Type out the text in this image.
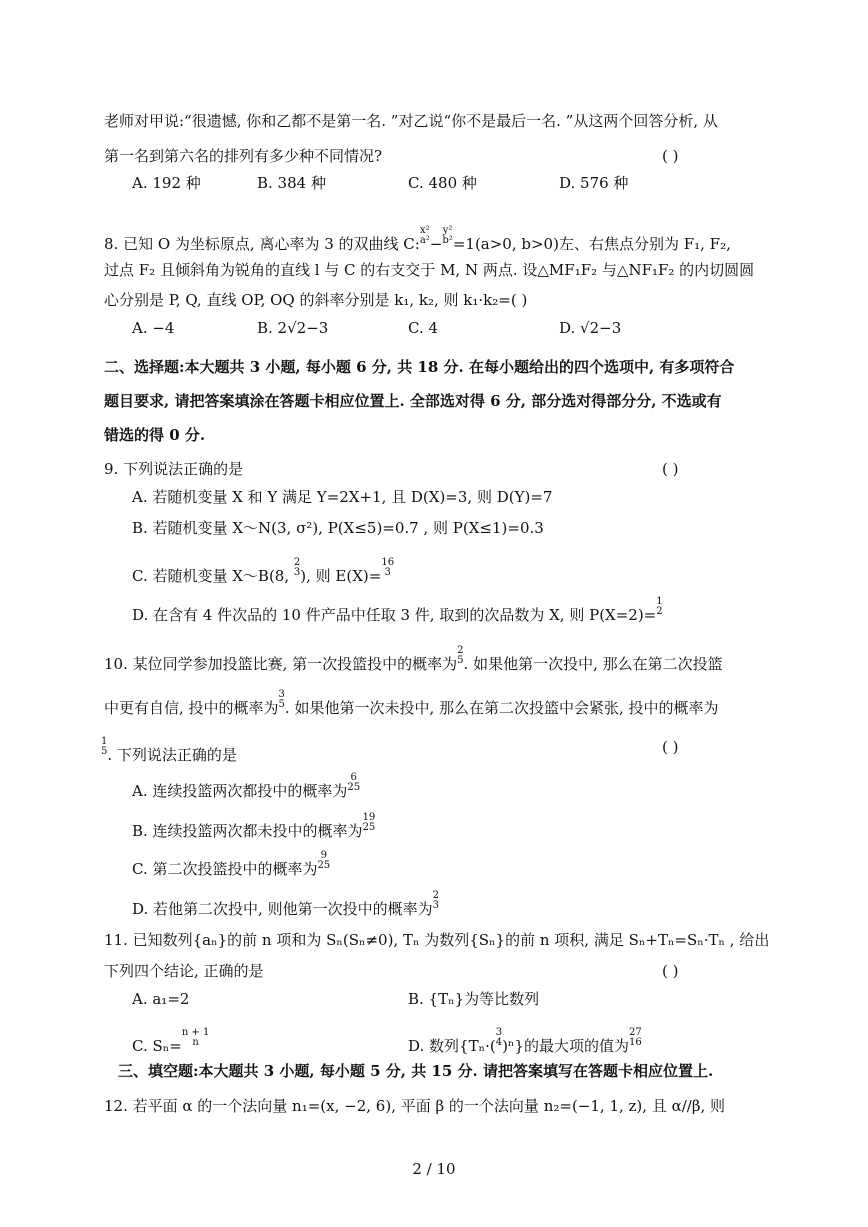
老师对甲说:“很遗憾, 你和乙都不是第一名. ”对乙说“你不是最后一名. ”从这两个回答分析, 从
第一名到第六名的排列有多少种不同情况?	( )
A. 192 种	B. 384 种	C. 480 种	D. 576 种
8. 已知 O 为坐标原点, 离心率为 3 的双曲线 C:
x²
a² −
y²
b² =1(a>0, b>0)左、右焦点分别为 F₁, F₂,
过点 F₂ 且倾斜角为锐角的直线 l 与 C 的右支交于 M, N 两点. 设△MF₁F₂ 与△NF₁F₂ 的内切圆圆
心分别是 P, Q, 直线 OP, OQ 的斜率分别是 k₁, k₂, 则 k₁·k₂=( )
A. −4	B. 2√2−3	C. 4	D. √2−3
二、选择题:本大题共 3 小题, 每小题 6 分, 共 18 分. 在每小题给出的四个选项中, 有多项符合
题目要求, 请把答案填涂在答题卡相应位置上. 全部选对得 6 分, 部分选对得部分分, 不选或有
错选的得 0 分.
9. 下列说法正确的是	( )
A. 若随机变量 X 和 Y 满足 Y=2X+1, 且 D(X)=3, 则 D(Y)=7
B. 若随机变量 X～N(3, σ²), P(X≤5)=0.7 , 则 P(X≤1)=0.3
C. 若随机变量 X～B(8,
2
3 ), 则 E(X)=
16
3
D. 在含有 4 件次品的 10 件产品中任取 3 件, 取到的次品数为 X, 则 P(X=2)=
1
2
10. 某位同学参加投篮比赛, 第一次投篮投中的概率为
2
5 . 如果他第一次投中, 那么在第二次投篮
中更有自信, 投中的概率为
3
5 . 如果他第一次未投中, 那么在第二次投篮中会紧张, 投中的概率为
1
5 . 下列说法正确的是	( )
A. 连续投篮两次都投中的概率为
6
25
B. 连续投篮两次都未投中的概率为
19
25
C. 第二次投篮投中的概率为
9
25
D. 若他第二次投中, 则他第一次投中的概率为
2
3
11. 已知数列{aₙ}的前 n 项和为 Sₙ(Sₙ≠0), Tₙ 为数列{Sₙ}的前 n 项积, 满足 Sₙ+Tₙ=Sₙ·Tₙ , 给出
下列四个结论, 正确的是	( )
A. a₁=2	B. {Tₙ}为等比数列
C. Sₙ=
n + 1
n	D. 数列{Tₙ·(
3
4 )ⁿ}的最大项的值为
27
16
三、填空题:本大题共 3 小题, 每小题 5 分, 共 15 分. 请把答案填写在答题卡相应位置上.
12. 若平面 α 的一个法向量 n₁=(x, −2, 6), 平面 β 的一个法向量 n₂=(−1, 1, z), 且 α//β, 则
2 / 10
